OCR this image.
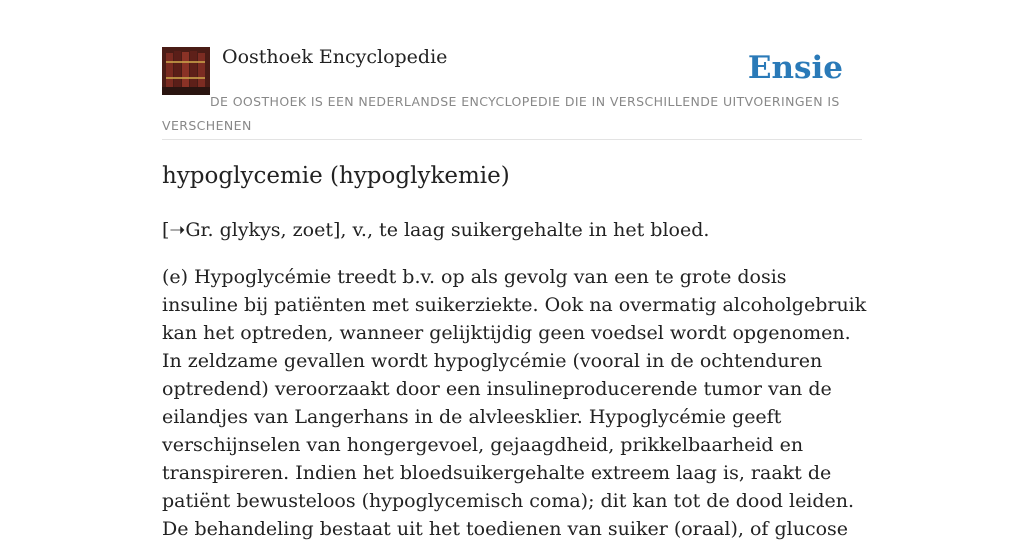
Oosthoek Encyclopedie	Ensie
DE OOSTHOEK IS EEN NEDERLANDSE ENCYCLOPEDIE DIE IN VERSCHILLENDE UITVOERINGEN IS VERSCHENEN
hypoglycemie (hypoglykemie)

[➝Gr. glykys, zoet], v., te laag suikergehalte in het bloed.

(e) Hypoglycémie treedt b.v. op als gevolg van een te grote dosis insuline bij patiënten met suikerziekte. Ook na overmatig alcoholgebruik kan het optreden, wanneer gelijktijdig geen voedsel wordt opgenomen. In zeldzame gevallen wordt hypoglycémie (vooral in de ochtenduren optredend) veroorzaakt door een insulineproducerende tumor van de eilandjes van Langerhans in de alvleesklier. Hypoglycémie geeft verschijnselen van hongergevoel, gejaagdheid, prikkelbaarheid en transpireren. Indien het bloedsuikergehalte extreem laag is, raakt de patiënt bewusteloos (hypoglycemisch coma); dit kan tot de dood leiden. De behandeling bestaat uit het toedienen van suiker (oraal), of glucose
